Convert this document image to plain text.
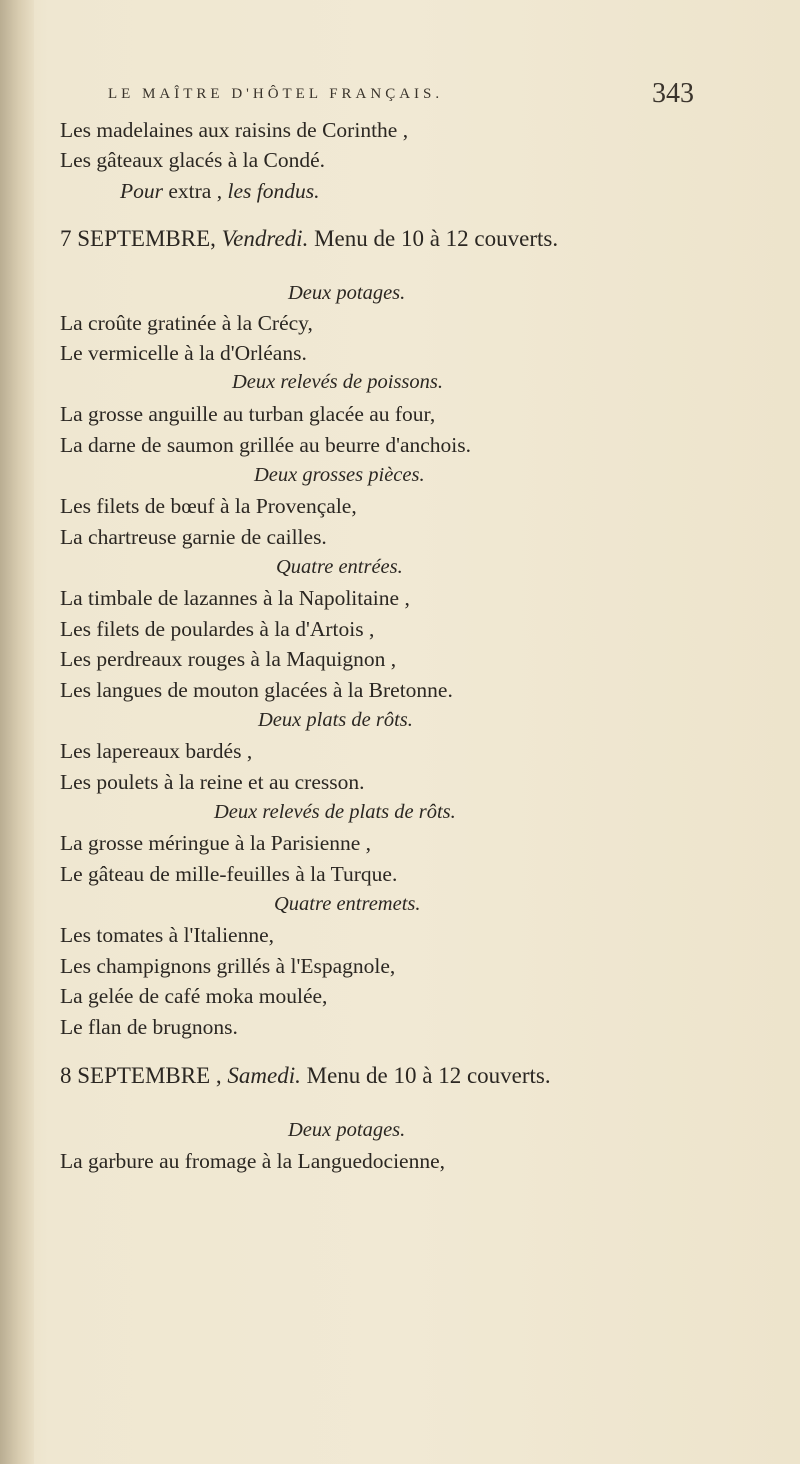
LE MAÎTRE D'HÔTEL FRANÇAIS.	343
Les madelaines aux raisins de Corinthe ,
Les gâteaux glacés à la Condé.
Pour extra , les fondus.
7 SEPTEMBRE, Vendredi. Menu de 10 à 12 couverts.
Deux potages.
La croûte gratinée à la Crécy,
Le vermicelle à la d'Orléans.
Deux relevés de poissons.
La grosse anguille au turban glacée au four,
La darne de saumon grillée au beurre d'anchois.
Deux grosses pièces.
Les filets de bœuf à la Provençale,
La chartreuse garnie de cailles.
Quatre entrées.
La timbale de lazannes à la Napolitaine ,
Les filets de poulardes à la d'Artois ,
Les perdreaux rouges à la Maquignon ,
Les langues de mouton glacées à la Bretonne.
Deux plats de rôts.
Les lapereaux bardés ,
Les poulets à la reine et au cresson.
Deux relevés de plats de rôts.
La grosse méringue à la Parisienne ,
Le gâteau de mille-feuilles à la Turque.
Quatre entremets.
Les tomates à l'Italienne,
Les champignons grillés à l'Espagnole,
La gelée de café moka moulée,
Le flan de brugnons.
8 SEPTEMBRE , Samedi. Menu de 10 à 12 couverts.
Deux potages.
La garbure au fromage à la Languedocienne,
